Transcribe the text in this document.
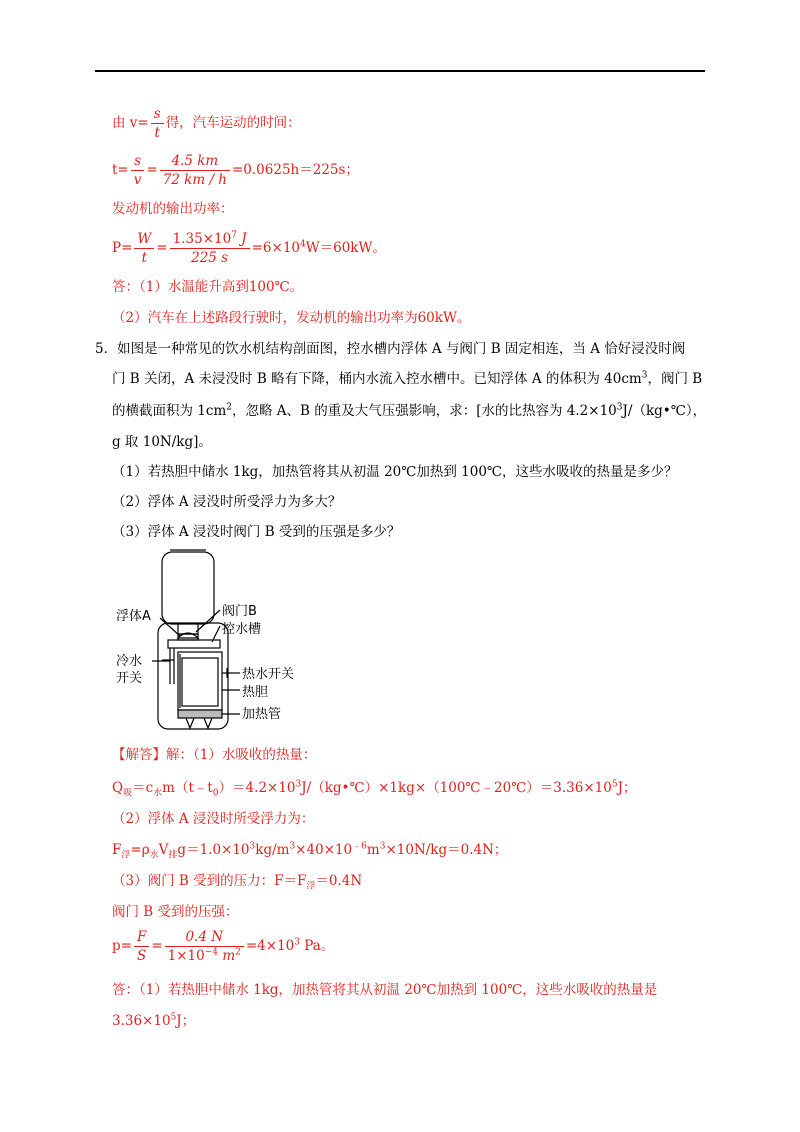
由 $v= \frac{s}{t}$ 得，汽车运动的时间：
$t= \frac{s}{v} = \frac{4.5 km}{72 km / h} =0.0625h=225s$；
发动机的输出功率：
$P= \frac{W}{t} = \frac{1.35\times 10^7 J}{225 s} =6\times 10^4W=60kW$。
答：（1）水温能升高到100℃。
（2）汽车在上述路段行驶时，发动机的输出功率为60kW。
5．如图是一种常见的饮水机结构剖面图，控水槽内浮体 A 与阀门 B 固定相连，当 A 恰好浸没时阀
门 B 关闭，A 未浸没时 B 略有下降，桶内水流入控水槽中。已知浮体 A 的体积为 $40cm^3$，阀门 B
的横截面积为 $1cm^2$，忽略 A、B 的重及大气压强影响，求：[水的比热容为 $4.2\times 10^3J/(kg•℃)$，
g 取 10N/kg]。
（1）若热胆中储水 1kg，加热管将其从初温 20℃加热到 100℃，这些水吸收的热量是多少？
（2）浮体 A 浸没时所受浮力为多大？
（3）浮体 A 浸没时阀门 B 受到的压强是多少？
浮体A	阀门B
控水槽
冷水
开关	热水开关
热胆
加热管
【解答】解：（1）水吸收的热量：
$Q_吸=c_水m(t﹣t_0)=4.2\times 10^3J/(kg•℃)\times 1kg\times(100℃﹣20℃)=3.36\times 10^5J$；
（2）浮体 A 浸没时所受浮力为：
$F_浮=\rho_水V_排g=1.0\times 10^3kg/m^3\times 40\times 10^{﹣6}m^3\times 10N/kg=0.4N$；
（3）阀门 B 受到的压力：$F=F_浮=0.4N$
阀门 B 受到的压强：
$p= \frac{F}{S} = \frac{0.4 N}{1\times 10^{-4} m^2} =4\times 10^3$ Pa。
答：（1）若热胆中储水 1kg，加热管将其从初温 20℃加热到 100℃，这些水吸收的热量是
$3.36\times 10^5J$；
